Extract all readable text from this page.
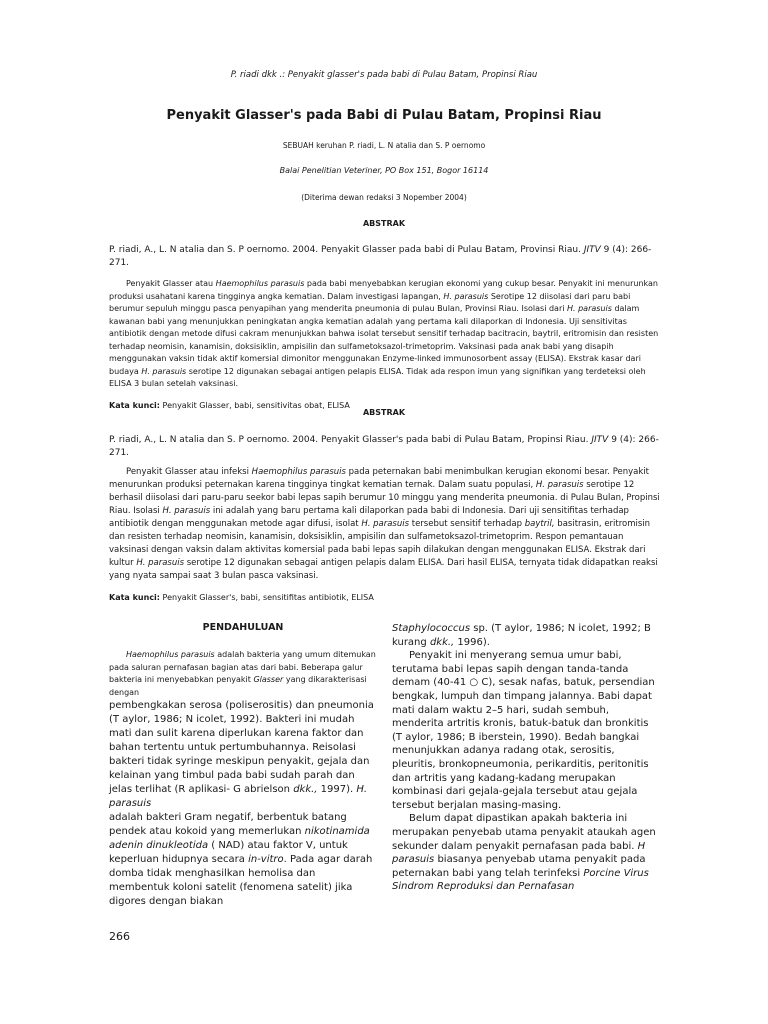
P. riadi dkk .: Penyakit glasser's pada babi di Pulau Batam, Propinsi Riau
Penyakit Glasser's pada Babi di Pulau Batam, Propinsi Riau
SEBUAH keruhan P. riadi, L. N atalia dan S. P oernomo
Balai Penelitian Veteriner, PO Box 151, Bogor 16114
(Diterima dewan redaksi 3 Nopember 2004)
ABSTRAK
P. riadi, A., L. N atalia dan S. P oernomo. 2004. Penyakit Glasser pada babi di Pulau Batam, Provinsi Riau. JITV 9 (4): 266-271.

Penyakit Glasser atau Haemophilus parasuis pada babi menyebabkan kerugian ekonomi yang cukup besar. Penyakit ini menurunkan produksi usahatani karena tingginya angka kematian. Dalam investigasi lapangan, H. parasuis Serotipe 12 diisolasi dari paru babi berumur sepuluh minggu pasca penyapihan yang menderita pneumonia di pulau Bulan, Provinsi Riau. Isolasi dari H. parasuis dalam kawanan babi yang menunjukkan peningkatan angka kematian adalah yang pertama kali dilaporkan di Indonesia. Uji sensitivitas antibiotik dengan metode difusi cakram menunjukkan bahwa isolat tersebut sensitif terhadap bacitracin, baytril, eritromisin dan resisten terhadap neomisin, kanamisin, doksisiklin, ampisilin dan sulfametoksazol-trimetoprim. Vaksinasi pada anak babi yang disapih menggunakan vaksin tidak aktif komersial dimonitor menggunakan Enzyme-linked immunosorbent assay (ELISA). Ekstrak kasar dari budaya H. parasuis serotipe 12 digunakan sebagai antigen pelapis ELISA. Tidak ada respon imun yang signifikan yang terdeteksi oleh ELISA 3 bulan setelah vaksinasi.

Kata kunci: Penyakit Glasser, babi, sensitivitas obat, ELISA
ABSTRAK
P. riadi, A., L. N atalia dan S. P oernomo. 2004. Penyakit Glasser's pada babi di Pulau Batam, Propinsi Riau. JITV 9 (4): 266-271.

Penyakit Glasser atau infeksi Haemophilus parasuis pada peternakan babi menimbulkan kerugian ekonomi besar. Penyakit menurunkan produksi peternakan karena tingginya tingkat kematian ternak. Dalam suatu populasi, H. parasuis serotipe 12 berhasil diisolasi dari paru-paru seekor babi lepas sapih berumur 10 minggu yang menderita pneumonia. di Pulau Bulan, Propinsi Riau. Isolasi H. parasuis ini adalah yang baru pertama kali dilaporkan pada babi di Indonesia. Dari uji sensitifitas terhadap antibiotik dengan menggunakan metode agar difusi, isolat H. parasuis tersebut sensitif terhadap baytril, basitrasin, eritromisin dan resisten terhadap neomisin, kanamisin, doksisiklin, ampisilin dan sulfametoksazol-trimetoprim. Respon pemantauan vaksinasi dengan vaksin dalam aktivitas komersial pada babi lepas sapih dilakukan dengan menggunakan ELISA. Ekstrak dari kultur H. parasuis serotipe 12 digunakan sebagai antigen pelapis dalam ELISA. Dari hasil ELISA, ternyata tidak didapatkan reaksi yang nyata sampai saat 3 bulan pasca vaksinasi.

Kata kunci: Penyakit Glasser's, babi, sensitifitas antibiotik, ELISA
PENDAHULUAN

Haemophilus parasuis adalah bakteria yang umum ditemukan pada saluran pernafasan bagian atas dari babi. Beberapa galur bakteria ini menyebabkan penyakit Glasser yang dikarakterisasi dengan

pembengkakan serosa (poliserositis) dan pneumonia (T aylor, 1986; N icolet, 1992). Bakteri ini mudah mati dan sulit karena diperlukan karena faktor dan bahan tertentu untuk pertumbuhannya. Reisolasi bakteri tidak syringe meskipun penyakit, gejala dan kelainan yang timbul pada babi sudah parah dan jelas terlihat (R aplikasi- G abrielson dkk., 1997). H. parasuis

adalah bakteri Gram negatif, berbentuk batang pendek atau kokoid yang memerlukan nikotinamida adenin dinukleotida ( NAD) atau faktor V, untuk keperluan hidupnya secara in-vitro. Pada agar darah domba tidak menghasilkan hemolisa dan membentuk koloni satelit (fenomena satelit) jika digores dengan biakan

Staphylococcus sp. (T aylor, 1986; N icolet, 1992; B kurang dkk., 1996).

Penyakit ini menyerang semua umur babi, terutama babi lepas sapih dengan tanda-tanda demam (40-41 ○ C), sesak nafas, batuk, persendian bengkak, lumpuh dan timpang jalannya. Babi dapat mati dalam waktu 2–5 hari, sudah sembuh, menderita artritis kronis, batuk-batuk dan bronkitis (T aylor, 1986; B iberstein, 1990). Bedah bangkai menunjukkan adanya radang otak, serositis, pleuritis, bronkopneumonia, perikarditis, peritonitis dan artritis yang kadang-kadang merupakan kombinasi dari gejala-gejala tersebut atau gejala tersebut berjalan masing-masing.

Belum dapat dipastikan apakah bakteria ini merupakan penyebab utama penyakit ataukah agen sekunder dalam penyakit pernafasan pada babi. H parasuis biasanya penyebab utama penyakit pada peternakan babi yang telah terinfeksi Porcine Virus Sindrom Reproduksi dan Pernafasan

266
